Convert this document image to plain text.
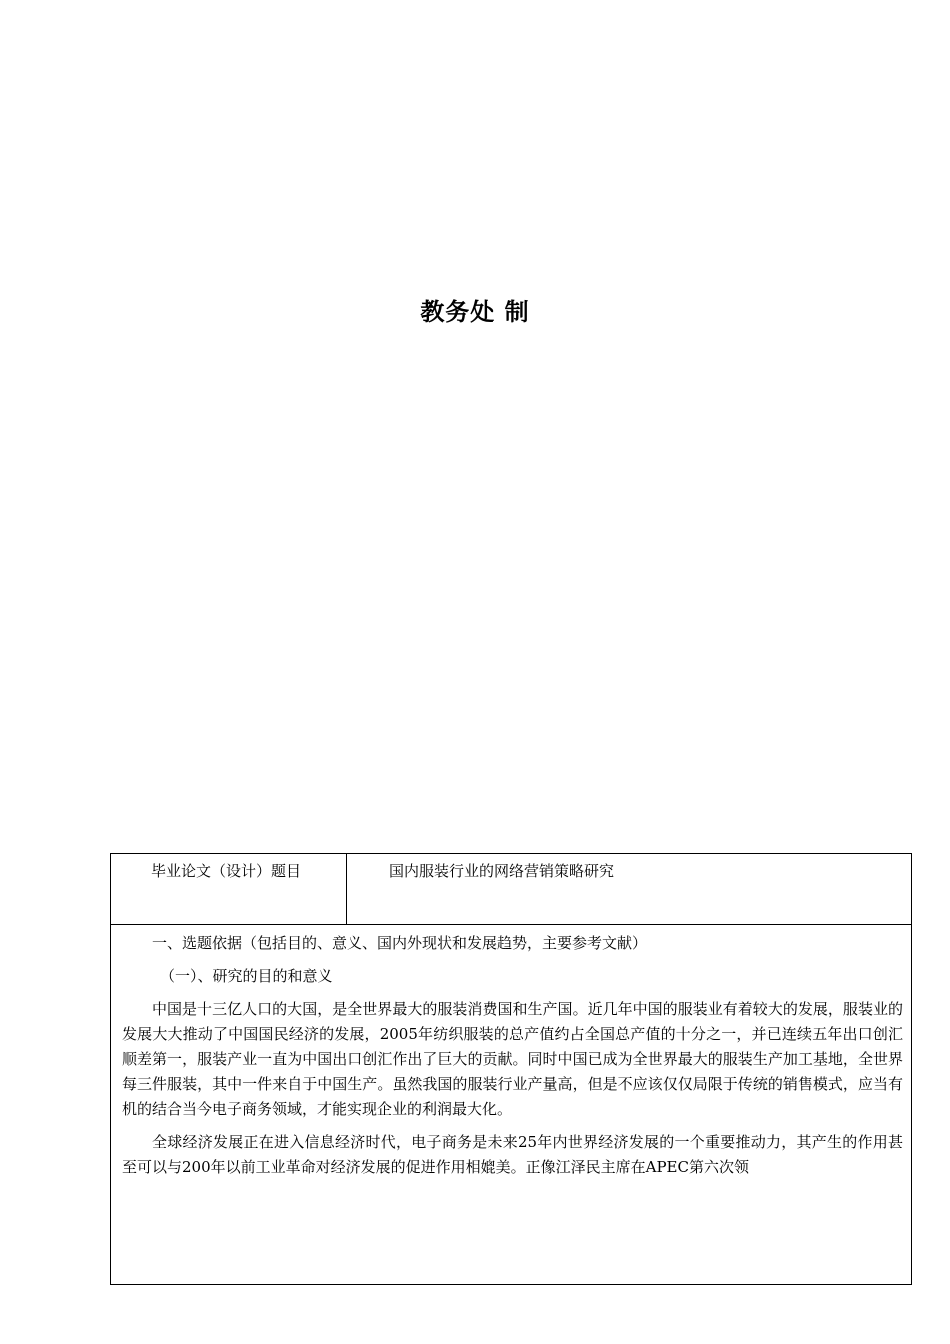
教务处 制
毕业论文（设计）题目	国内服装行业的网络营销策略研究

一、选题依据（包括目的、意义、国内外现状和发展趋势，主要参考文献）

（一）、研究的目的和意义

中国是十三亿人口的大国，是全世界最大的服装消费国和生产国。近几年中国的服装业有着较大的发展，服装业的发展大大推动了中国国民经济的发展，2005年纺织服装的总产值约占全国总产值的十分之一，并已连续五年出口创汇顺差第一，服装产业一直为中国出口创汇作出了巨大的贡献。同时中国已成为全世界最大的服装生产加工基地，全世界每三件服装，其中一件来自于中国生产。虽然我国的服装行业产量高，但是不应该仅仅局限于传统的销售模式，应当有机的结合当今电子商务领域，才能实现企业的利润最大化。

全球经济发展正在进入信息经济时代，电子商务是未来25年内世界经济发展的一个重要推动力，其产生的作用甚至可以与200年以前工业革命对经济发展的促进作用相媲美。正像江泽民主席在APEC第六次领
